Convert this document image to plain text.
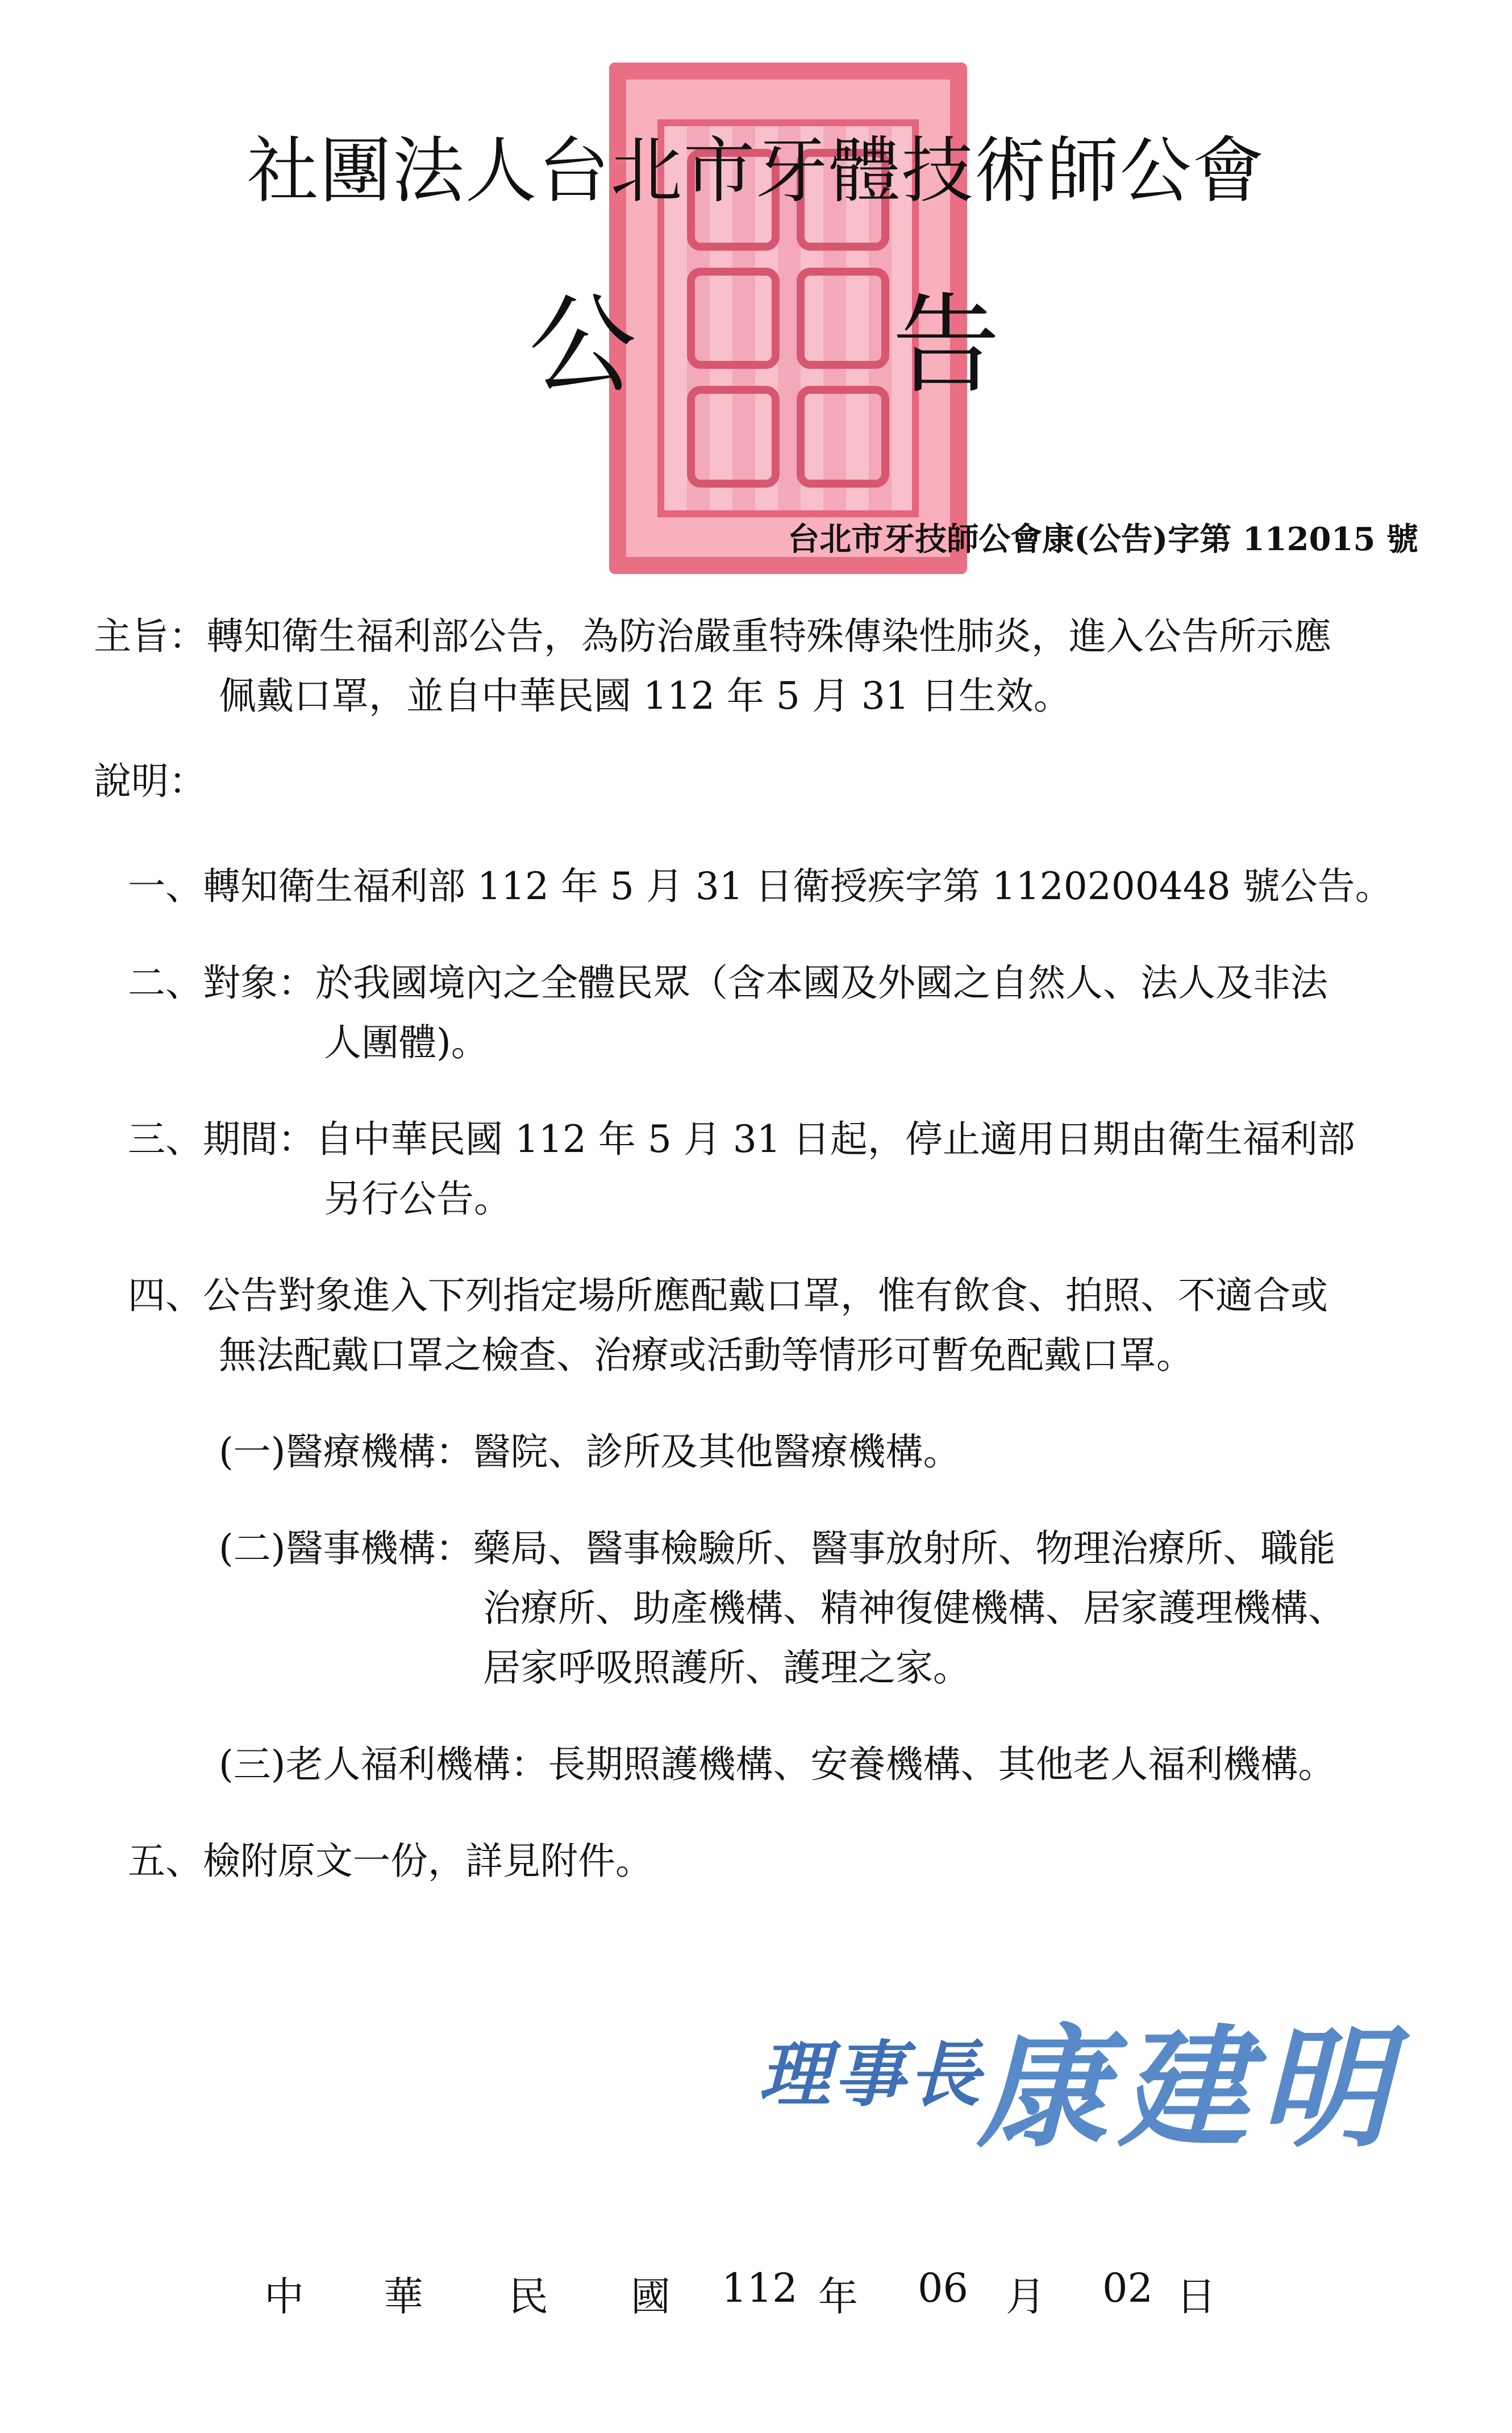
社團法人台北市牙體技術師公會
公 告
台北市牙技師公會康(公告)字第 112015 號
主旨：轉知衛生福利部公告，為防治嚴重特殊傳染性肺炎，進入公告所示應
佩戴口罩，並自中華民國 112 年 5 月 31 日生效。
說明：
一、轉知衛生福利部 112 年 5 月 31 日衛授疾字第 1120200448 號公告。
二、對象：於我國境內之全體民眾（含本國及外國之自然人、法人及非法
人團體)。
三、期間：自中華民國 112 年 5 月 31 日起，停止適用日期由衛生福利部
另行公告。
四、公告對象進入下列指定場所應配戴口罩，惟有飲食、拍照、不適合或
無法配戴口罩之檢查、治療或活動等情形可暫免配戴口罩。
(一)醫療機構：醫院、診所及其他醫療機構。
(二)醫事機構：藥局、醫事檢驗所、醫事放射所、物理治療所、職能
治療所、助產機構、精神復健機構、居家護理機構、
居家呼吸照護所、護理之家。
(三)老人福利機構：長期照護機構、安養機構、其他老人福利機構。
五、檢附原文一份，詳見附件。
理事長
康建明
中	華	民	國	112 年	06 月	02 日
